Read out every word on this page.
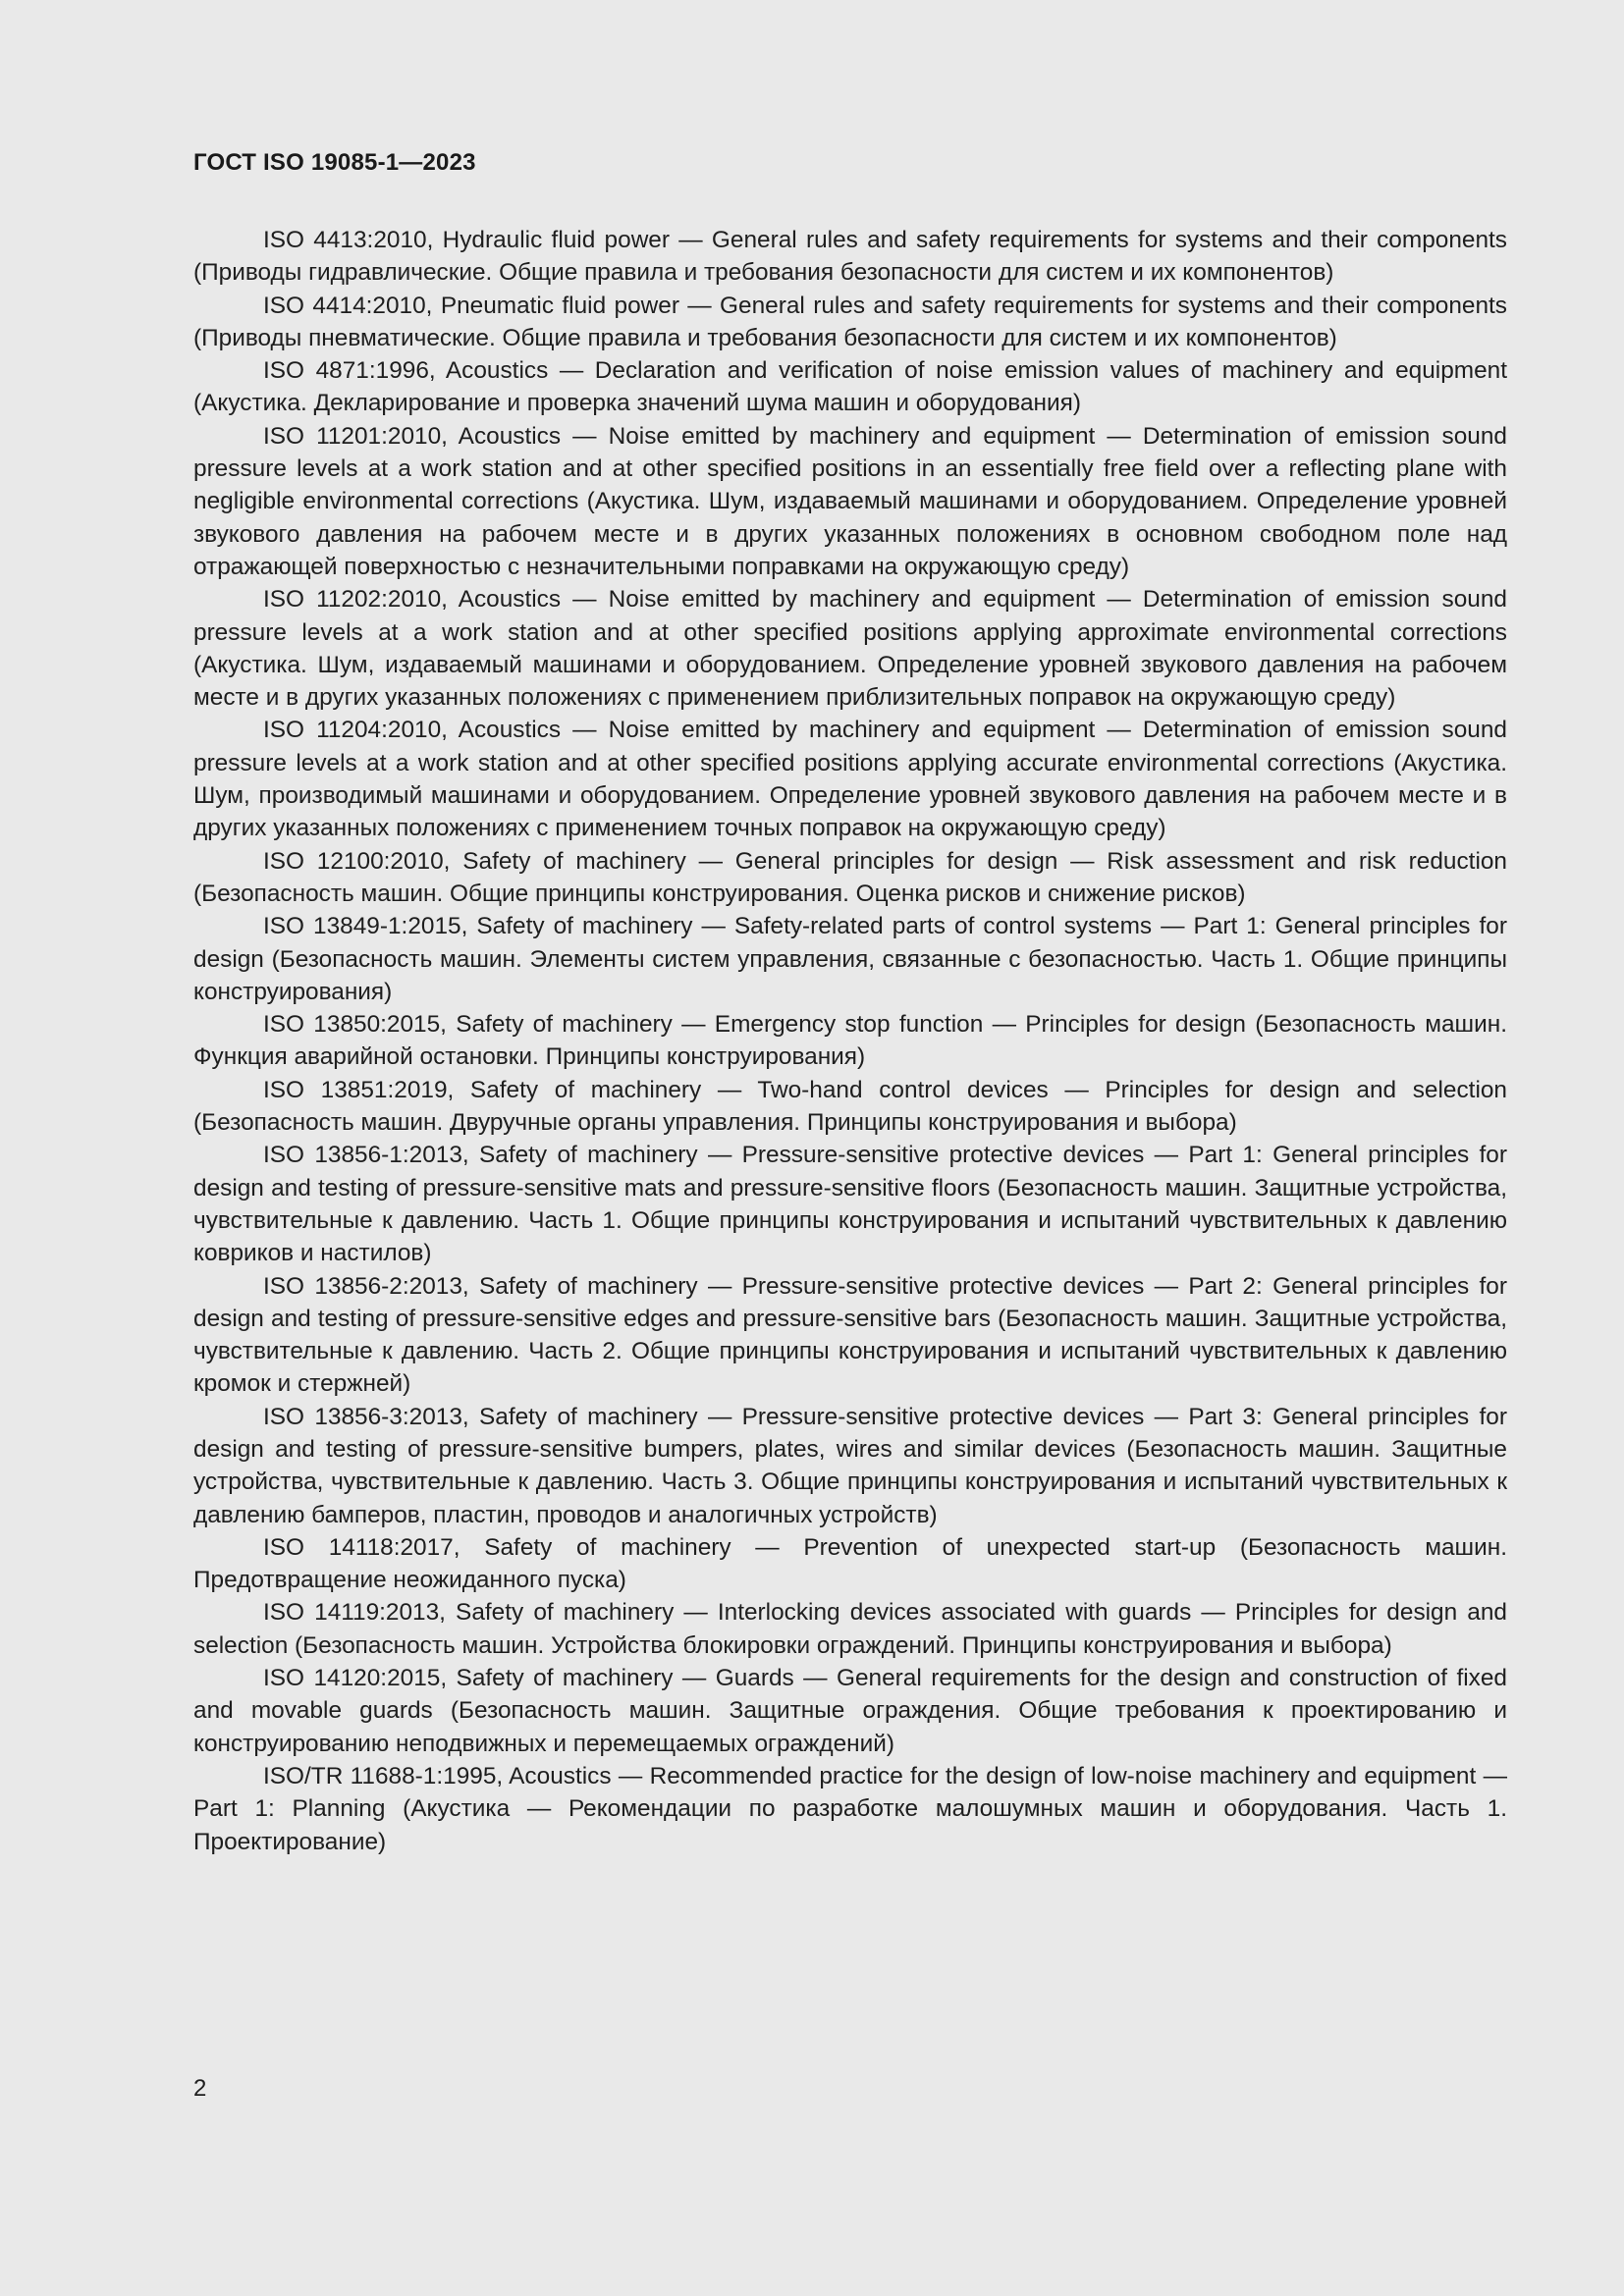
ГОСТ ISO 19085-1—2023

ISO 4413:2010, Hydraulic fluid power — General rules and safety requirements for systems and their components (Приводы гидравлические. Общие правила и требования безопасности для систем и их компонентов)

ISO 4414:2010, Pneumatic fluid power — General rules and safety requirements for systems and their components (Приводы пневматические. Общие правила и требования безопасности для систем и их компонентов)

ISO 4871:1996, Acoustics — Declaration and verification of noise emission values of machinery and equipment (Акустика. Декларирование и проверка значений шума машин и оборудования)

ISO 11201:2010, Acoustics — Noise emitted by machinery and equipment — Determination of emission sound pressure levels at a work station and at other specified positions in an essentially free field over a reflecting plane with negligible environmental corrections (Акустика. Шум, издаваемый машинами и оборудованием. Определение уровней звукового давления на рабочем месте и в других указанных положениях в основном свободном поле над отражающей поверхностью с незначительными поправками на окружающую среду)

ISO 11202:2010, Acoustics — Noise emitted by machinery and equipment — Determination of emission sound pressure levels at a work station and at other specified positions applying approximate environmental corrections (Акустика. Шум, издаваемый машинами и оборудованием. Определение уровней звукового давления на рабочем месте и в других указанных положениях с применением приблизительных поправок на окружающую среду)

ISO 11204:2010, Acoustics — Noise emitted by machinery and equipment — Determination of emission sound pressure levels at a work station and at other specified positions applying accurate environmental corrections (Акустика. Шум, производимый машинами и оборудованием. Определение уровней звукового давления на рабочем месте и в других указанных положениях с применением точных поправок на окружающую среду)

ISO 12100:2010, Safety of machinery — General principles for design — Risk assessment and risk reduction (Безопасность машин. Общие принципы конструирования. Оценка рисков и снижение рисков)

ISO 13849-1:2015, Safety of machinery — Safety-related parts of control systems — Part 1: General principles for design (Безопасность машин. Элементы систем управления, связанные с безопасностью. Часть 1. Общие принципы конструирования)

ISO 13850:2015, Safety of machinery — Emergency stop function — Principles for design (Безопасность машин. Функция аварийной остановки. Принципы конструирования)

ISO 13851:2019, Safety of machinery — Two-hand control devices — Principles for design and selection (Безопасность машин. Двуручные органы управления. Принципы конструирования и выбора)

ISO 13856-1:2013, Safety of machinery — Pressure-sensitive protective devices — Part 1: General principles for design and testing of pressure-sensitive mats and pressure-sensitive floors (Безопасность машин. Защитные устройства, чувствительные к давлению. Часть 1. Общие принципы конструирования и испытаний чувствительных к давлению ковриков и настилов)

ISO 13856-2:2013, Safety of machinery — Pressure-sensitive protective devices — Part 2: General principles for design and testing of pressure-sensitive edges and pressure-sensitive bars (Безопасность машин. Защитные устройства, чувствительные к давлению. Часть 2. Общие принципы конструирования и испытаний чувствительных к давлению кромок и стержней)

ISO 13856-3:2013, Safety of machinery — Pressure-sensitive protective devices — Part 3: General principles for design and testing of pressure-sensitive bumpers, plates, wires and similar devices (Безопасность машин. Защитные устройства, чувствительные к давлению. Часть 3. Общие принципы конструирования и испытаний чувствительных к давлению бамперов, пластин, проводов и аналогичных устройств)

ISO 14118:2017, Safety of machinery — Prevention of unexpected start-up (Безопасность машин. Предотвращение неожиданного пуска)

ISO 14119:2013, Safety of machinery — Interlocking devices associated with guards — Principles for design and selection (Безопасность машин. Устройства блокировки ограждений. Принципы конструирования и выбора)

ISO 14120:2015, Safety of machinery — Guards — General requirements for the design and construction of fixed and movable guards (Безопасность машин. Защитные ограждения. Общие требования к проектированию и конструированию неподвижных и перемещаемых ограждений)

ISO/TR 11688-1:1995, Acoustics — Recommended practice for the design of low-noise machinery and equipment — Part 1: Planning (Акустика — Рекомендации по разработке малошумных машин и оборудования. Часть 1. Проектирование)

2
